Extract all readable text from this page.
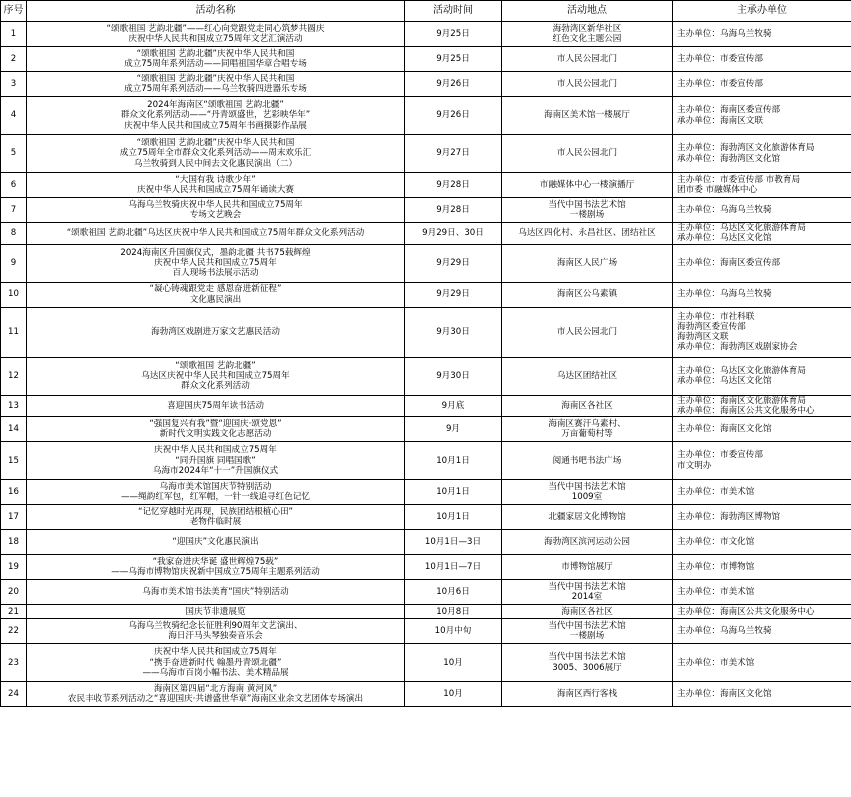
序号	活动名称	活动时间	活动地点	主承办单位
1	“颂歌祖国 艺韵北疆”——红心向党跟党走同心筑梦共圆庆
庆祝中华人民共和国成立75周年文艺汇演活动	9月25日	海勃湾区新华社区
红色文化主题公园	主办单位：乌海乌兰牧骑
2	“颂歌祖国 艺韵北疆”庆祝中华人民共和国
成立75周年系列活动——同唱祖国华章合唱专场	9月25日	市人民公园北门	主办单位：市委宣传部
3	“颂歌祖国 艺韵北疆”庆祝中华人民共和国
成立75周年系列活动——乌兰牧骑四进器乐专场	9月26日	市人民公园北门	主办单位：市委宣传部
4	2024年海南区“颂歌祖国 艺韵北疆”
群众文化系列活动——“丹青颂盛世，艺彩映华年”
庆祝中华人民共和国成立75周年书画摄影作品展	9月26日	海南区美术馆一楼展厅	主办单位：海南区委宣传部
承办单位：海南区文联
5	“颂歌祖国 艺韵北疆”庆祝中华人民共和国
成立75周年全市群众文化系列活动——周末欢乐汇
乌兰牧骑到人民中间去文化惠民演出（二）	9月27日	市人民公园北门	主办单位：海勃湾区文化旅游体育局
承办单位：海勃湾区文化馆
6	“大国有我 诗歌少年”
庆祝中华人民共和国成立75周年诵读大赛	9月28日	市融媒体中心一楼演播厅	主办单位：市委宣传部 市教育局
团市委 市融媒体中心
7	乌海乌兰牧骑庆祝中华人民共和国成立75周年
专场文艺晚会	9月28日	当代中国书法艺术馆
一楼剧场	主办单位：乌海乌兰牧骑
8	“颂歌祖国 艺韵北疆”乌达区庆祝中华人民共和国成立75周年群众文化系列活动	9月29日、30日	乌达区四化村、永昌社区、团结社区	主办单位：乌达区文化旅游体育局
承办单位：乌达区文化馆
9	2024海南区升国旗仪式，墨韵北疆 共书75载辉煌
庆祝中华人民共和国成立75周年
百人现场书法展示活动	9月29日	海南区人民广场	主办单位：海南区委宣传部
10	“凝心铸魂跟党走 感恩奋进新征程”
文化惠民演出	9月29日	海南区公乌素镇	主办单位：乌海乌兰牧骑
11	海勃湾区戏剧进万家文艺惠民活动	9月30日	市人民公园北门	主办单位：市社科联
海勃湾区委宣传部
海勃湾区文联
承办单位：海勃湾区戏剧家协会
12	“颂歌祖国 艺韵北疆”
乌达区庆祝中华人民共和国成立75周年
群众文化系列活动	9月30日	乌达区团结社区	主办单位：乌达区文化旅游体育局
承办单位：乌达区文化馆
13	喜迎国庆75周年读书活动	9月底	海南区各社区	主办单位：海南区文化旅游体育局
承办单位：海南区公共文化服务中心
14	“强国复兴有我”暨“迎国庆·颂党恩”
新时代文明实践文化志愿活动	9月	海南区赛汗乌素村、
万亩葡萄村等	主办单位：海南区文化馆
15	庆祝中华人民共和国成立75周年
“同升国旗 同唱国歌”
乌海市2024年“十一”升国旗仪式	10月1日	阅通书吧书法广场	主办单位：市委宣传部
市文明办
16	乌海市美术馆国庆节特别活动
——绳韵红军包，红军帽，一针一线追寻红色记忆	10月1日	当代中国书法艺术馆
1009室	主办单位：市美术馆
17	“记忆穿越时光再现，民族团结根植心田”
老物件临时展	10月1日	北疆家居文化博物馆	主办单位：海勃湾区博物馆
18	“迎国庆”文化惠民演出	10月1日—3日	海勃湾区滨河运动公园	主办单位：市文化馆
19	“我家奋进庆华诞 盛世辉煌75载”
——乌海市博物馆庆祝新中国成立75周年主题系列活动	10月1日—7日	市博物馆展厅	主办单位：市博物馆
20	乌海市美术馆书法美育“国庆”特别活动	10月6日	当代中国书法艺术馆
2014室	主办单位：市美术馆
21	国庆节非遗展览	10月8日	海南区各社区	主办单位：海南区公共文化服务中心
22	乌海乌兰牧骑纪念长征胜利90周年文艺演出、
海日汗马头琴独奏音乐会	10月中旬	当代中国书法艺术馆
一楼剧场	主办单位：乌海乌兰牧骑
23	庆祝中华人民共和国成立75周年
“携手奋进新时代 翰墨丹青颂北疆”
——乌海市百岗小幅书法、美术精品展	10月	当代中国书法艺术馆
3005、3006展厅	主办单位：市美术馆
24	海南区第四届“北方海南 黄河风”
农民丰收节系列活动之“喜迎国庆·共谱盛世华章”海南区业余文艺团体专场演出	10月	海南区西行客栈	主办单位：海南区文化馆
